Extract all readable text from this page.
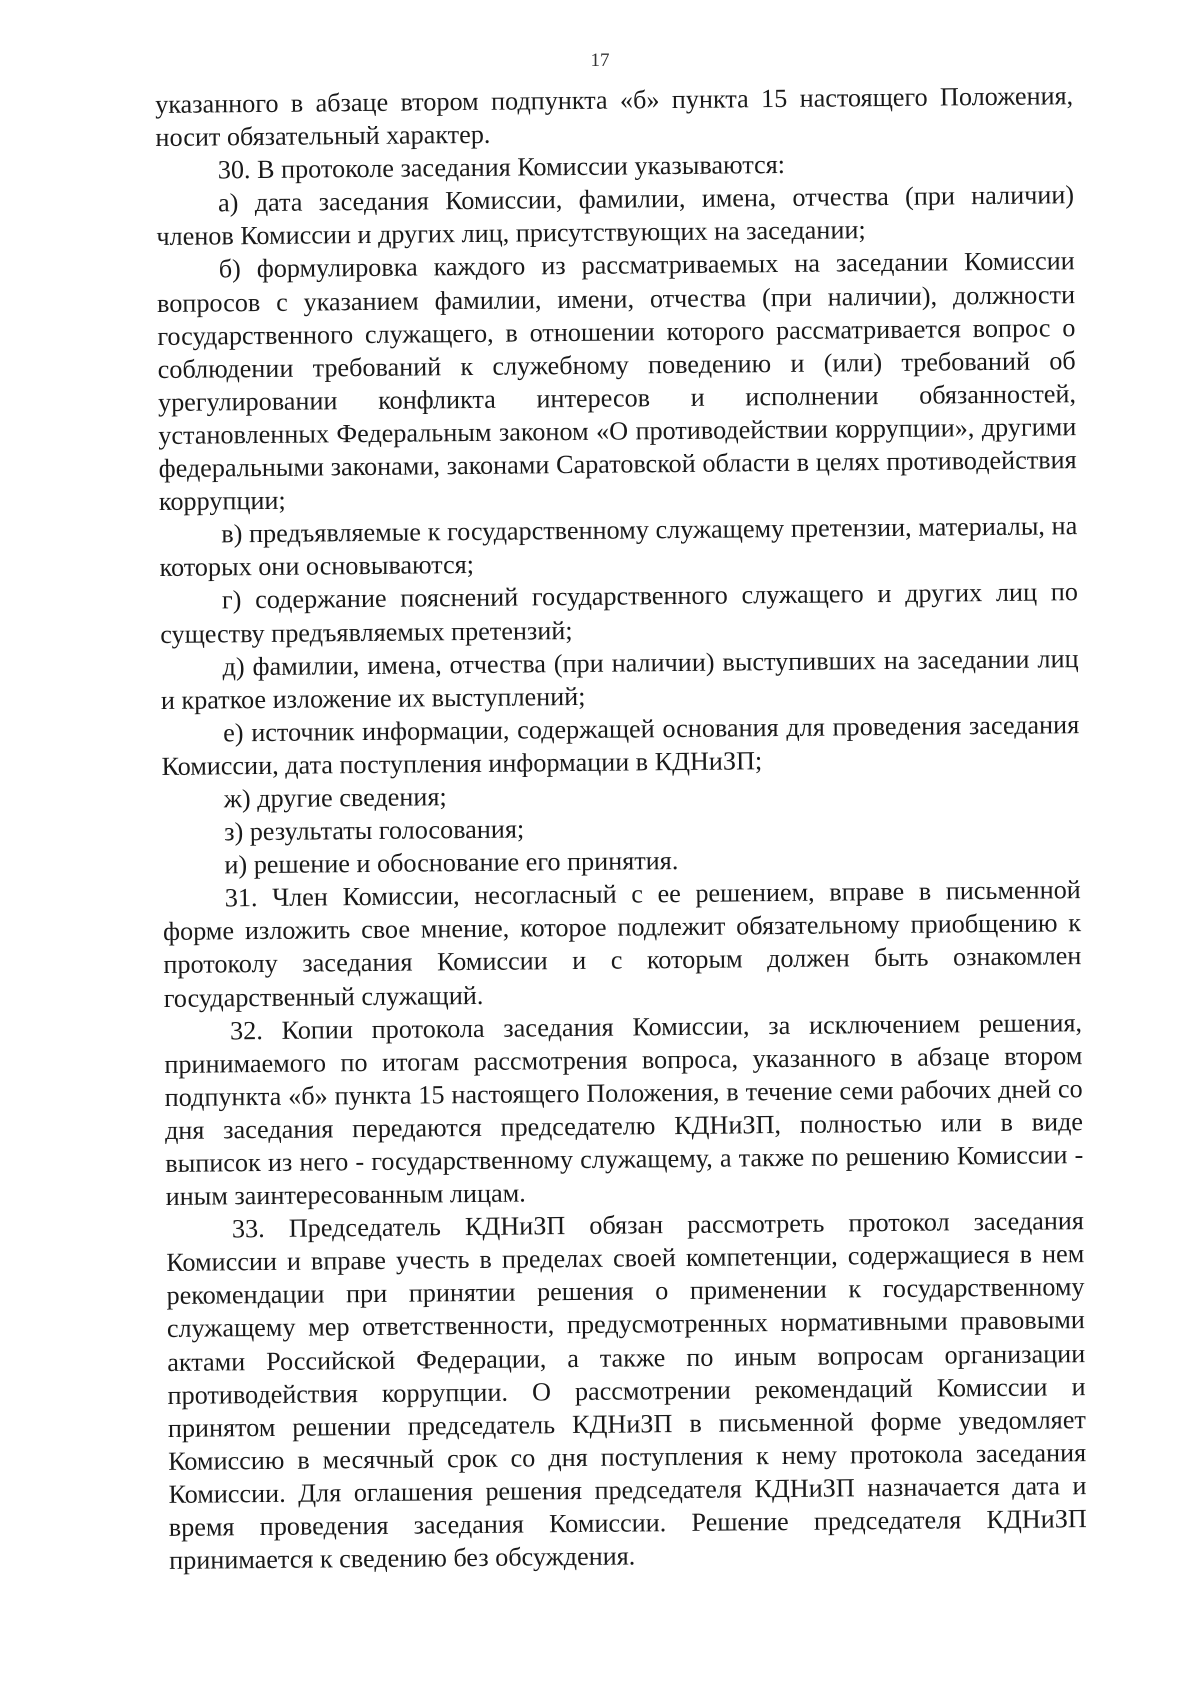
17

указанного в абзаце втором подпункта «б» пункта 15 настоящего Положения, носит обязательный характер.

30. В протоколе заседания Комиссии указываются:

а) дата заседания Комиссии, фамилии, имена, отчества (при наличии) членов Комиссии и других лиц, присутствующих на заседании;

б) формулировка каждого из рассматриваемых на заседании Комиссии вопросов с указанием фамилии, имени, отчества (при наличии), должности государственного служащего, в отношении которого рассматривается вопрос о соблюдении требований к служебному поведению и (или) требований об урегулировании конфликта интересов и исполнении обязанностей, установленных Федеральным законом «О противодействии коррупции», другими федеральными законами, законами Саратовской области в целях противодействия коррупции;

в) предъявляемые к государственному служащему претензии, материалы, на которых они основываются;

г) содержание пояснений государственного служащего и других лиц по существу предъявляемых претензий;

д) фамилии, имена, отчества (при наличии) выступивших на заседании лиц и краткое изложение их выступлений;

е) источник информации, содержащей основания для проведения заседания Комиссии, дата поступления информации в КДНиЗП;

ж) другие сведения;

з) результаты голосования;

и) решение и обоснование его принятия.

31. Член Комиссии, несогласный с ее решением, вправе в письменной форме изложить свое мнение, которое подлежит обязательному приобщению к протоколу заседания Комиссии и с которым должен быть ознакомлен государственный служащий.

32. Копии протокола заседания Комиссии, за исключением решения, принимаемого по итогам рассмотрения вопроса, указанного в абзаце втором подпункта «б» пункта 15 настоящего Положения, в течение семи рабочих дней со дня заседания передаются председателю КДНиЗП, полностью или в виде выписок из него - государственному служащему, а также по решению Комиссии - иным заинтересованным лицам.

33. Председатель КДНиЗП обязан рассмотреть протокол заседания Комиссии и вправе учесть в пределах своей компетенции, содержащиеся в нем рекомендации при принятии решения о применении к государственному служащему мер ответственности, предусмотренных нормативными правовыми актами Российской Федерации, а также по иным вопросам организации противодействия коррупции. О рассмотрении рекомендаций Комиссии и принятом решении председатель КДНиЗП в письменной форме уведомляет Комиссию в месячный срок со дня поступления к нему протокола заседания Комиссии. Для оглашения решения председателя КДНиЗП назначается дата и время проведения заседания Комиссии. Решение председателя КДНиЗП принимается к сведению без обсуждения.
